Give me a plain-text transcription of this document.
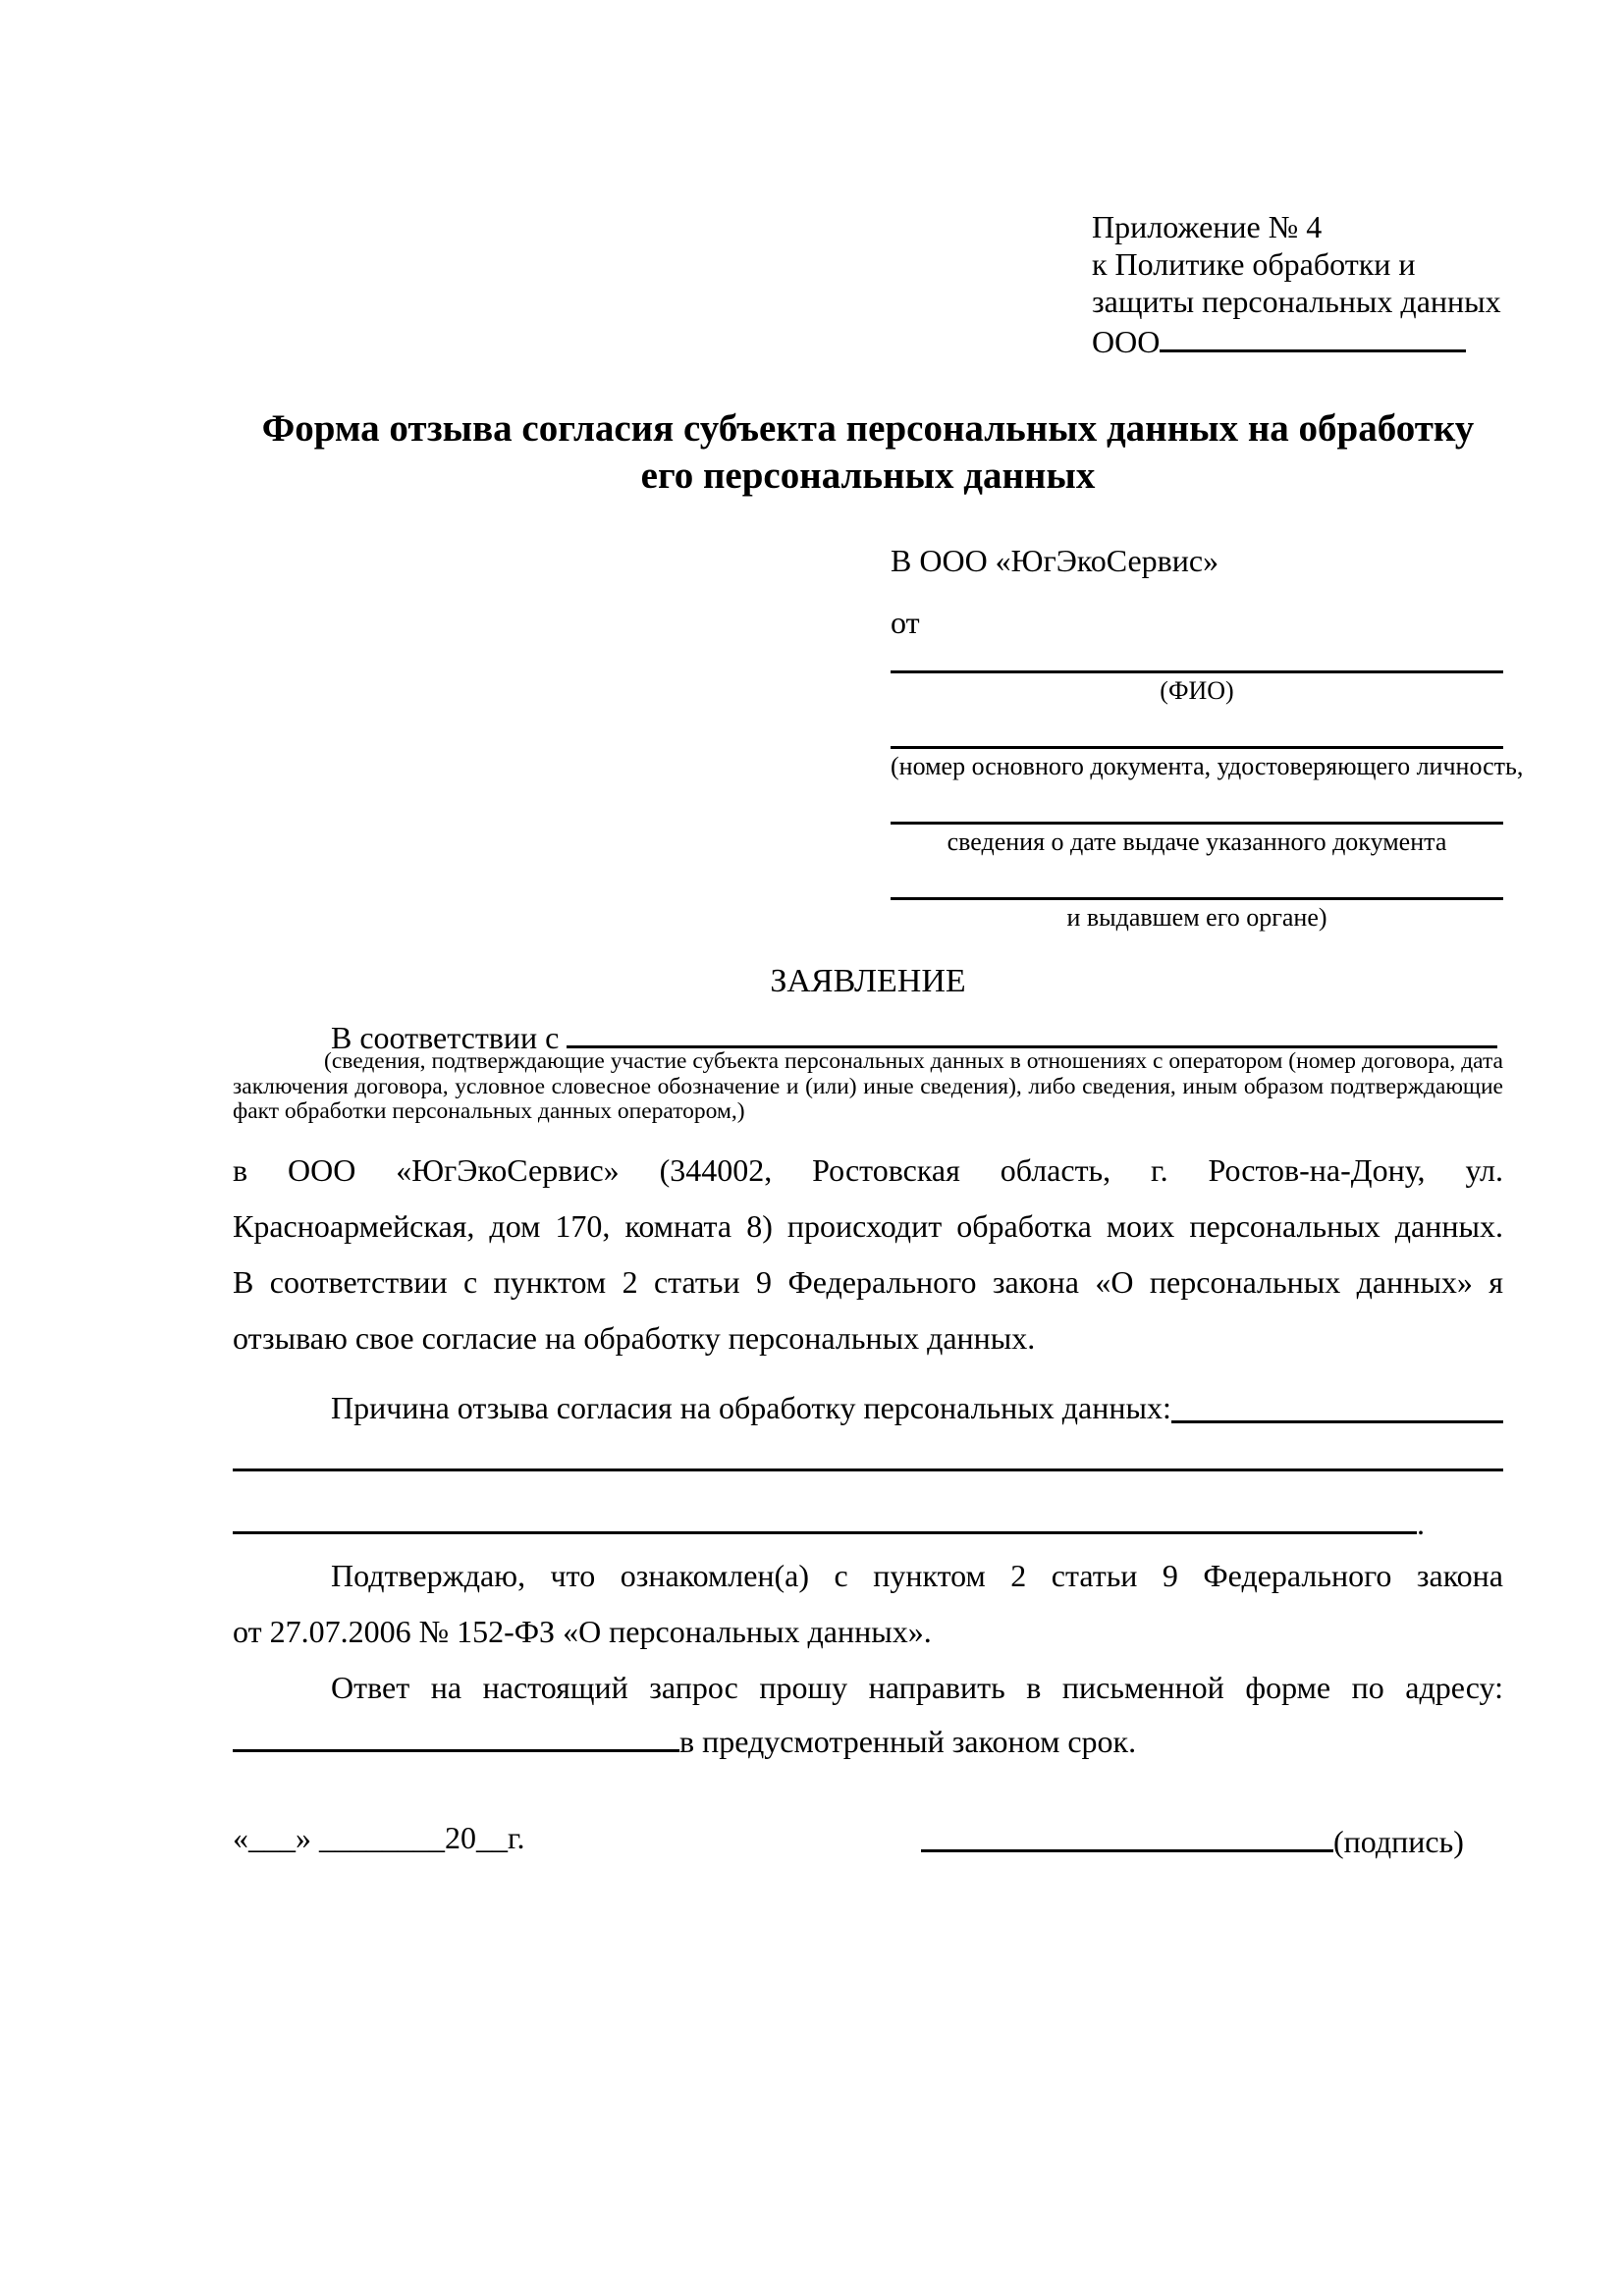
Приложение № 4
к Политике обработки и
защиты персональных данных
ООО
Форма отзыва согласия субъекта персональных данных на обработку
его персональных данных
В ООО «ЮгЭкоСервис»
от
(ФИО)
(номер основного документа, удостоверяющего личность,
сведения о дате выдаче указанного документа
и выдавшем его органе)
ЗАЯВЛЕНИЕ
В соответствии с
(сведения, подтверждающие участие субъекта персональных данных в отношениях с оператором (номер договора, дата заключения договора, условное словесное обозначение и (или) иные сведения), либо сведения, иным образом подтверждающие факт обработки персональных данных оператором,)
в ООО «ЮгЭкоСервис» (344002, Ростовская область, г. Ростов-на-Дону, ул.
Красноармейская, дом 170, комната 8) происходит обработка моих персональных данных.
В соответствии с пунктом 2 статьи 9 Федерального закона «О персональных данных» я
отзываю свое согласие на обработку персональных данных.
Причина отзыва согласия на обработку персональных данных:
.
Подтверждаю, что ознакомлен(а) с пунктом 2 статьи 9 Федерального закона
от 27.07.2006 № 152-ФЗ «О персональных данных».
Ответ на настоящий запрос прошу направить в письменной форме по адресу:
в предусмотренный законом срок.
«___» ________20__г.	(подпись)
